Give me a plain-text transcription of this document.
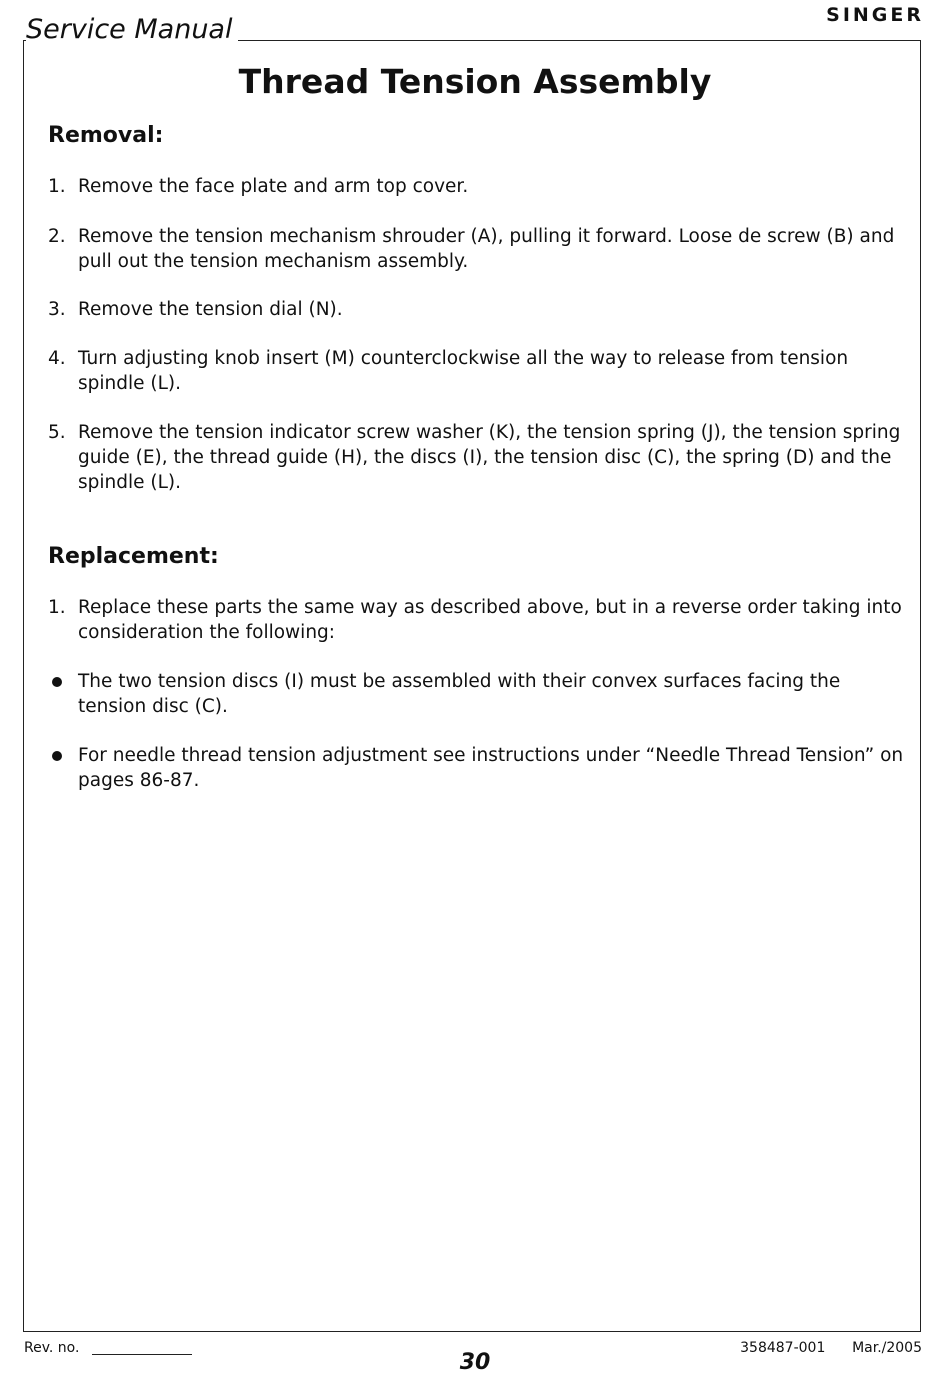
Service Manual	SINGER
Thread Tension Assembly
Removal:
1. Remove the face plate and arm top cover.
2. Remove the tension mechanism shrouder (A), pulling it forward. Loose de screw (B) and pull out the tension mechanism assembly.
3. Remove the tension dial (N).
4. Turn adjusting knob insert (M) counterclockwise all the way to release from tension spindle (L).
5. Remove the tension indicator screw washer (K), the tension spring (J), the tension spring guide (E), the thread guide (H), the discs (I), the tension disc (C), the spring (D) and the spindle (L).
Replacement:
1. Replace these parts the same way as described above, but in a reverse order taking into consideration the following:
The two tension discs (I) must be assembled with their convex surfaces facing the tension disc (C).
For needle thread tension adjustment see instructions under “Needle Thread Tension” on pages 86-87.
Rev. no.
30
358487-001 Mar./2005
